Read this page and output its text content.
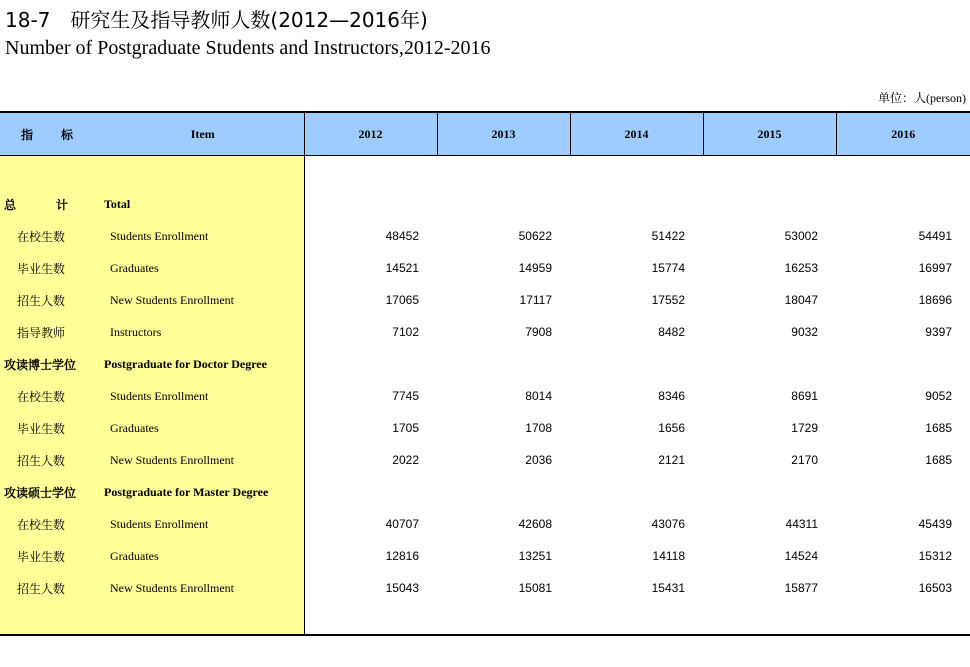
18-7　研究生及指导教师人数(2012—2016年)
Number of Postgraduate Students and Instructors,2012-2016
单位：人(person)
指　标	Item	2012	2013	2014	2015	2016

总　计	Total					
在校生数	Students Enrollment	48452	50622	51422	53002	54491
毕业生数	Graduates	14521	14959	15774	16253	16997
招生人数	New Students Enrollment	17065	17117	17552	18047	18696
指导教师	Instructors	7102	7908	8482	9032	9397
攻读博士学位	Postgraduate for Doctor Degree					
在校生数	Students Enrollment	7745	8014	8346	8691	9052
毕业生数	Graduates	1705	1708	1656	1729	1685
招生人数	New Students Enrollment	2022	2036	2121	2170	1685
攻读硕士学位	Postgraduate for Master Degree					
在校生数	Students Enrollment	40707	42608	43076	44311	45439
毕业生数	Graduates	12816	13251	14118	14524	15312
招生人数	New Students Enrollment	15043	15081	15431	15877	16503
